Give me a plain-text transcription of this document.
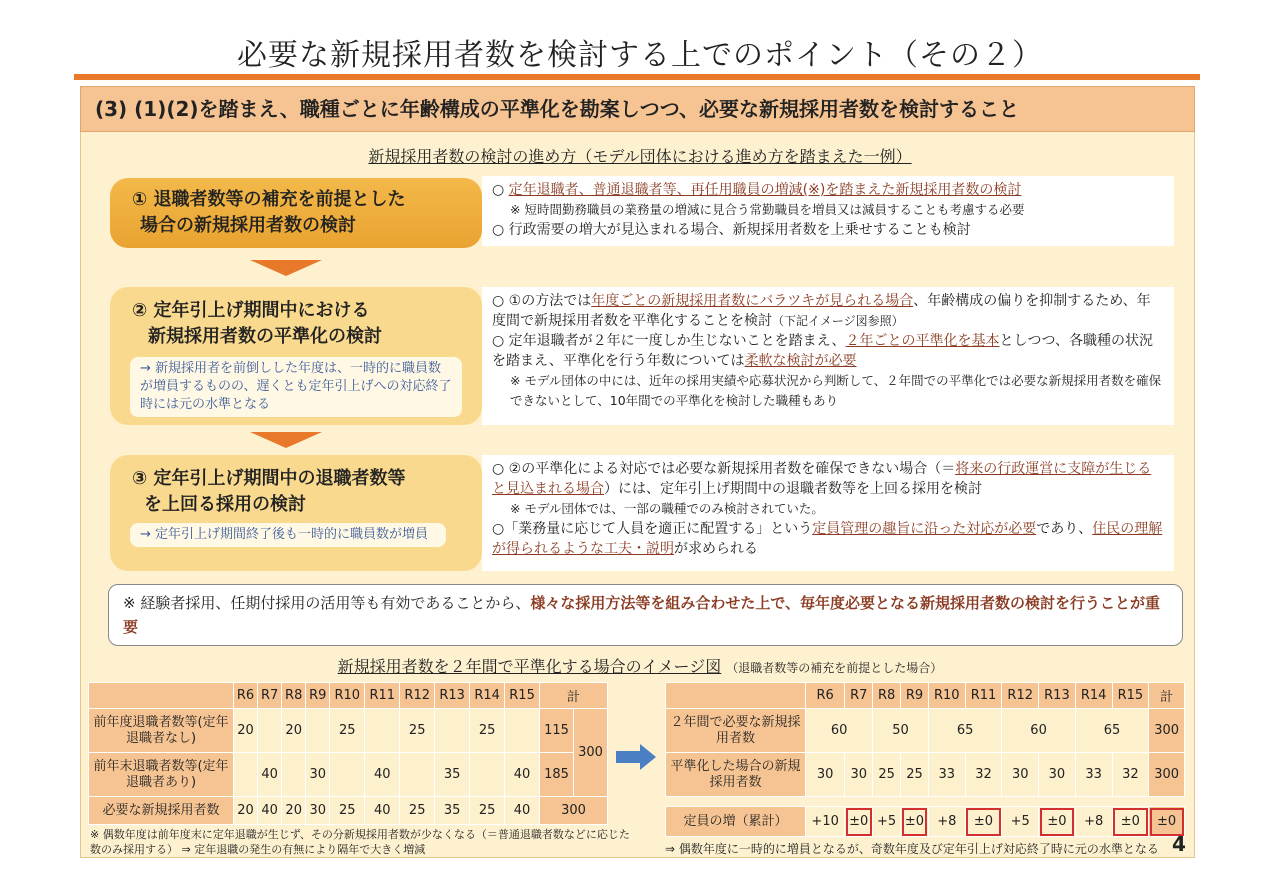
必要な新規採用者数を検討する上でのポイント（その２）
(3) (1)(2)を踏まえ、職種ごとに年齢構成の平準化を勘案しつつ、必要な新規採用者数を検討すること
新規採用者数の検討の進め方（モデル団体における進め方を踏まえた一例）
① 退職者数等の補充を前提とした
場合の新規採用者数の検討

○ 定年退職者、普通退職者等、再任用職員の増減(※)を踏まえた新規採用者数の検討

※ 短時間勤務職員の業務量の増減に見合う常勤職員を増員又は減員することも考慮する必要

○ 行政需要の増大が見込まれる場合、新規採用者数を上乗せすることも検討

② 定年引上げ期間中における
新規採用者数の平準化の検討
→ 新規採用者を前倒しした年度は、一時的に職員数が増員するものの、遅くとも定年引上げへの対応終了時には元の水準となる

○ ①の方法では年度ごとの新規採用者数にバラツキが見られる場合、年齢構成の偏りを抑制するため、年度間で新規採用者数を平準化することを検討（下記イメージ図参照）

○ 定年退職者が２年に一度しか生じないことを踏まえ、２年ごとの平準化を基本としつつ、各職種の状況を踏まえ、平準化を行う年数については柔軟な検討が必要

※ モデル団体の中には、近年の採用実績や応募状況から判断して、２年間での平準化では必要な新規採用者数を確保できないとして、10年間での平準化を検討した職種もあり

③ 定年引上げ期間中の退職者数等
を上回る採用の検討
→ 定年引上げ期間終了後も一時的に職員数が増員

○ ②の平準化による対応では必要な新規採用者数を確保できない場合（＝将来の行政運営に支障が生じると見込まれる場合）には、定年引上げ期間中の退職者数等を上回る採用を検討

※ モデル団体では、一部の職種でのみ検討されていた。

○「業務量に応じて人員を適正に配置する」という定員管理の趣旨に沿った対応が必要であり、住民の理解が得られるような工夫・説明が求められる

※ 経験者採用、任期付採用の活用等も有効であることから、様々な採用方法等を組み合わせた上で、毎年度必要となる新規採用者数の検討を行うことが重要
新規採用者数を２年間で平準化する場合のイメージ図 （退職者数等の補充を前提とした場合）
	R6	R7	R8	R9	R10	R11	R12	R13	R14	R15	計	
前年度退職者数等(定年退職者なし)	20		20		25		25		25		115	300
前年末退職者数等(定年退職者あり)		40		30		40		35		40	185	
必要な新規採用者数	20	40	20	30	25	40	25	35	25	40	300	
	R6	R7	R8	R9	R10	R11	R12	R13	R14	R15	計
２年間で必要な新規採用者数	60		50		65		60		65		300
平準化した場合の新規採用者数	30	30	25	25	33	32	30	30	33	32	300

定員の増（累計）	+10	±0	+5	±0	+8	±0	+5	±0	+8	±0	±0
※ 偶数年度は前年度末に定年退職が生じず、その分新規採用者数が少なくなる（＝普通退職者数などに応じた数のみ採用する） ⇒ 定年退職の発生の有無により隔年で大きく増減	⇒ 偶数年度に一時的に増員となるが、奇数年度及び定年引上げ対応終了時に元の水準となる 4
